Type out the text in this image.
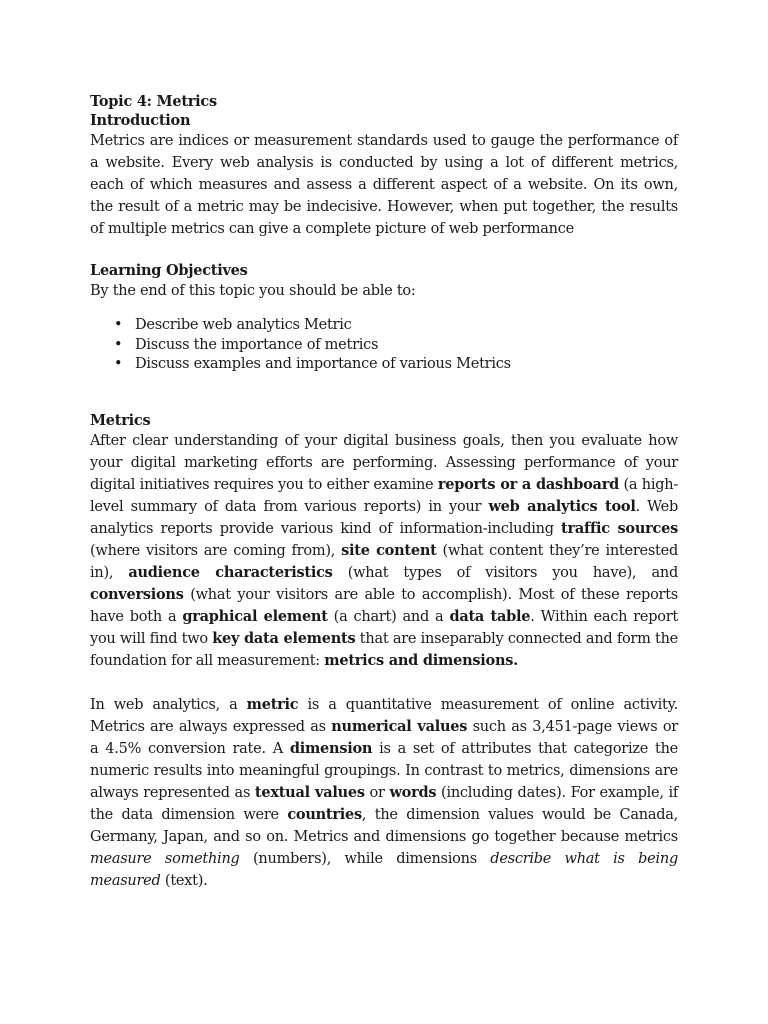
Topic 4: Metrics

Introduction

Metrics are indices or measurement standards used to gauge the performance of a website. Every web analysis is conducted by using a lot of different metrics, each of which measures and assess a different aspect of a website. On its own, the result of a metric may be indecisive. However, when put together, the results of multiple metrics can give a complete picture of web performance

Learning Objectives

By the end of this topic you should be able to:

• Describe web analytics Metric
• Discuss the importance of metrics
• Discuss examples and importance of various Metrics

Metrics

After clear understanding of your digital business goals, then you evaluate how your digital marketing efforts are performing. Assessing performance of your digital initiatives requires you to either examine reports or a dashboard (a high-level summary of data from various reports) in your web analytics tool. Web analytics reports provide various kind of information-including traffic sources (where visitors are coming from), site content (what content they’re interested in), audience characteristics (what types of visitors you have), and conversions (what your visitors are able to accomplish). Most of these reports have both a graphical element (a chart) and a data table. Within each report you will find two key data elements that are inseparably connected and form the foundation for all measurement: metrics and dimensions.

In web analytics, a metric is a quantitative measurement of online activity. Metrics are always expressed as numerical values such as 3,451-page views or a 4.5% conversion rate. A dimension is a set of attributes that categorize the numeric results into meaningful groupings. In contrast to metrics, dimensions are always represented as textual values or words (including dates). For example, if the data dimension were countries, the dimension values would be Canada, Germany, Japan, and so on. Metrics and dimensions go together because metrics measure something (numbers), while dimensions describe what is being measured (text).
